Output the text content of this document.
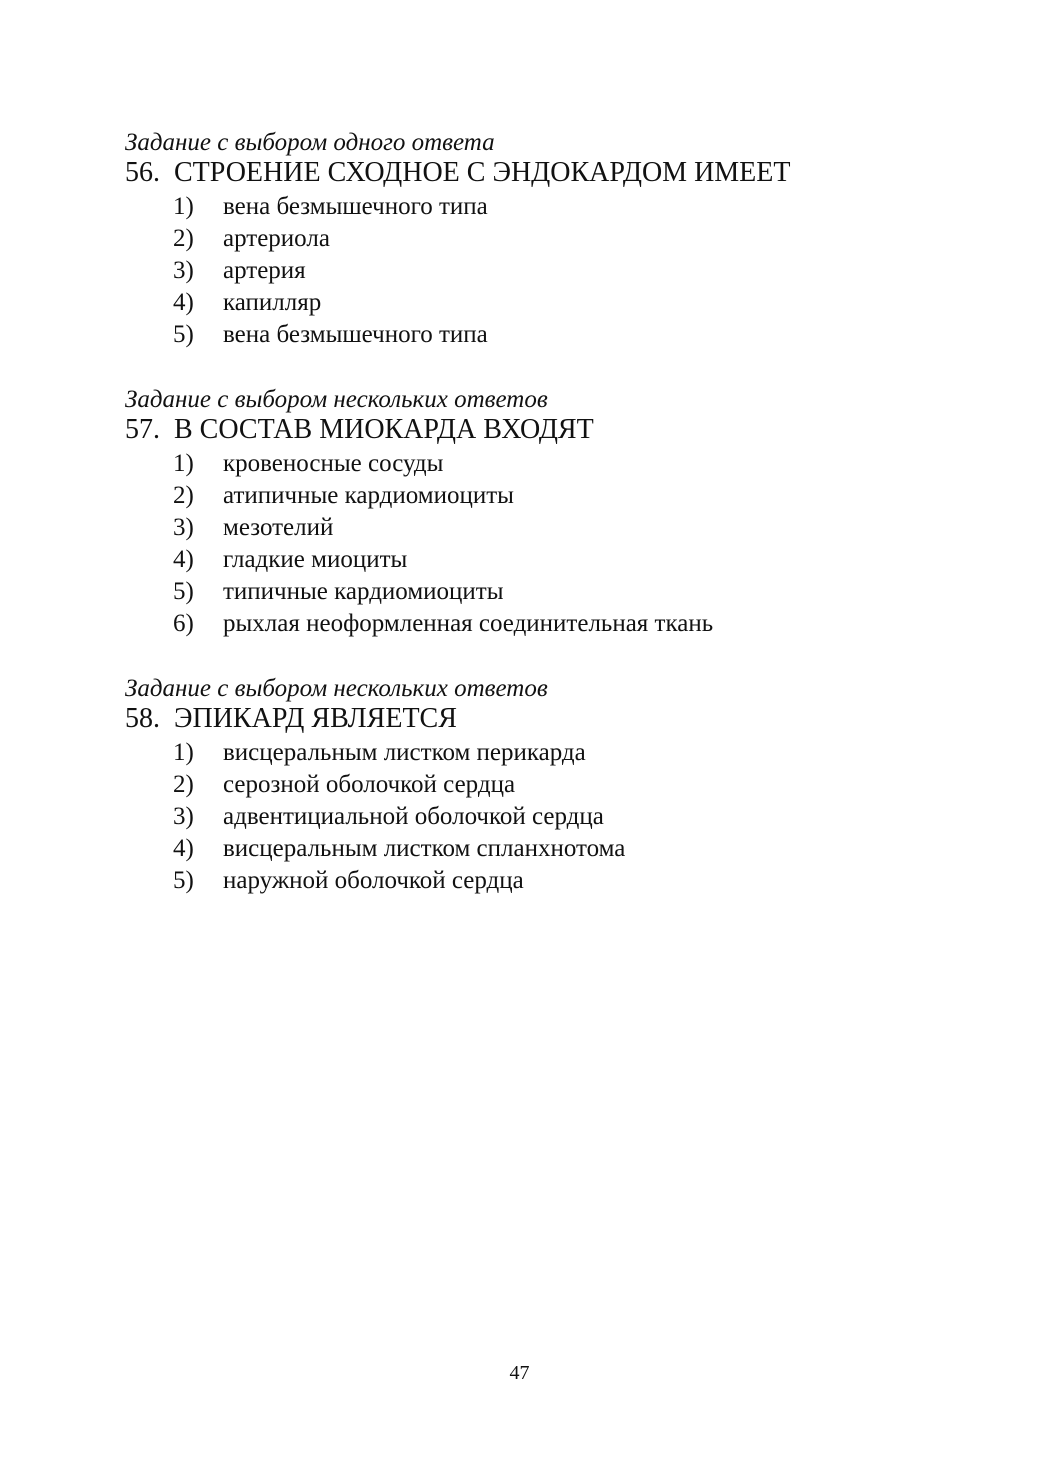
Задание с выбором одного ответа
56. СТРОЕНИЕ СХОДНОЕ С ЭНДОКАРДОМ ИМЕЕТ
1)	вена безмышечного типа
2)	артериола
3)	артерия
4)	капилляр
5)	вена безмышечного типа
Задание с выбором нескольких ответов
57. В СОСТАВ МИОКАРДА ВХОДЯТ
1)	кровеносные сосуды
2)	атипичные кардиомиоциты
3)	мезотелий
4)	гладкие миоциты
5)	типичные кардиомиоциты
6)	рыхлая неоформленная соединительная ткань
Задание с выбором нескольких ответов
58. ЭПИКАРД ЯВЛЯЕТСЯ
1)	висцеральным листком перикарда
2)	серозной оболочкой сердца
3)	адвентициальной оболочкой сердца
4)	висцеральным листком спланхнотома
5)	наружной оболочкой сердца
47
